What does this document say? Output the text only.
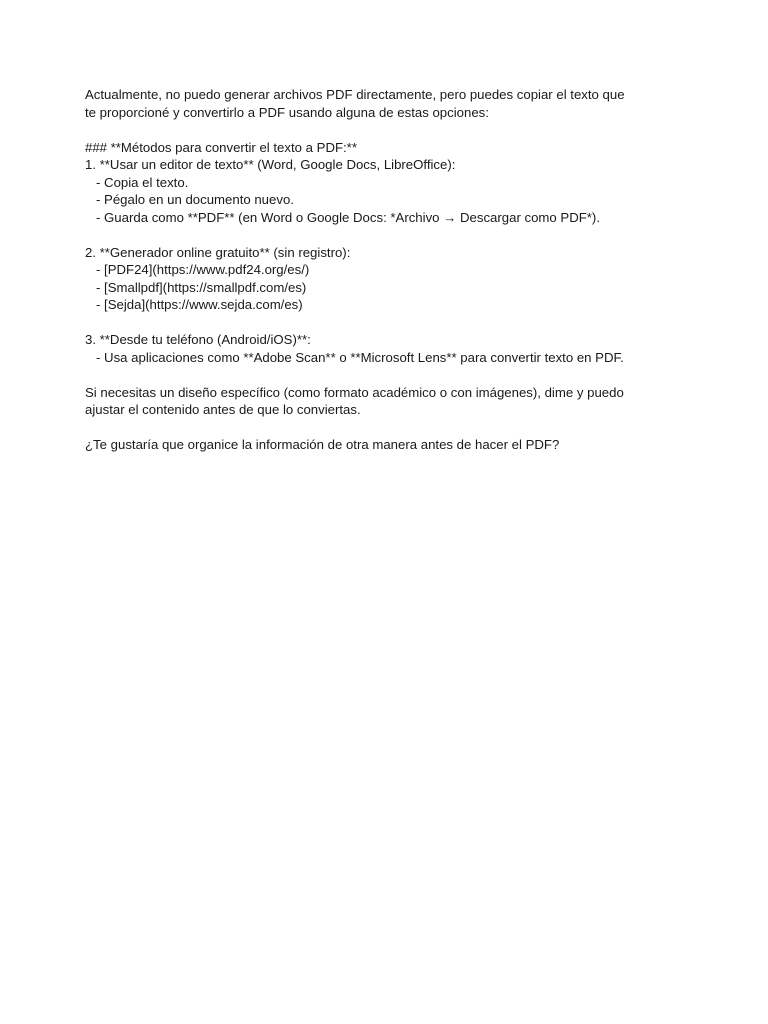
Actualmente, no puedo generar archivos PDF directamente, pero puedes copiar el texto que
te proporcioné y convertirlo a PDF usando alguna de estas opciones:
### **Métodos para convertir el texto a PDF:**
1. **Usar un editor de texto** (Word, Google Docs, LibreOffice):
- Copia el texto.
- Pégalo en un documento nuevo.
- Guarda como **PDF** (en Word o Google Docs: *Archivo → Descargar como PDF*).
2. **Generador online gratuito** (sin registro):
- [PDF24](https://www.pdf24.org/es/)
- [Smallpdf](https://smallpdf.com/es)
- [Sejda](https://www.sejda.com/es)
3. **Desde tu teléfono (Android/iOS)**:
- Usa aplicaciones como **Adobe Scan** o **Microsoft Lens** para convertir texto en PDF.
Si necesitas un diseño específico (como formato académico o con imágenes), dime y puedo
ajustar el contenido antes de que lo conviertas.
¿Te gustaría que organice la información de otra manera antes de hacer el PDF?
